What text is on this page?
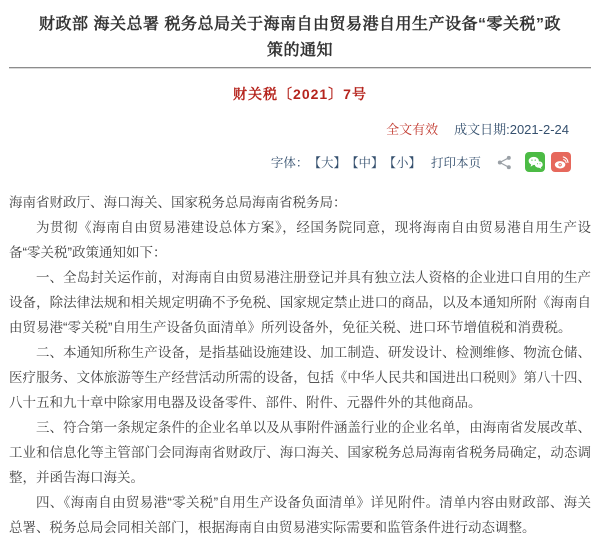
财政部 海关总署 税务总局关于海南自由贸易港自用生产设备“零关税”政策的通知
财关税〔2021〕7号
全文有效 成文日期:2021-2-24
字体： 【大】 【中】 【小】 打印本页

海南省财政厅、海口海关、国家税务总局海南省税务局：

为贯彻《海南自由贸易港建设总体方案》，经国务院同意，现将海南自由贸易港自用生产设备“零关税”政策通知如下：

一、全岛封关运作前，对海南自由贸易港注册登记并具有独立法人资格的企业进口自用的生产设备，除法律法规和相关规定明确不予免税、国家规定禁止进口的商品，以及本通知所附《海南自由贸易港“零关税”自用生产设备负面清单》所列设备外，免征关税、进口环节增值税和消费税。

二、本通知所称生产设备，是指基础设施建设、加工制造、研发设计、检测维修、物流仓储、医疗服务、文体旅游等生产经营活动所需的设备，包括《中华人民共和国进出口税则》第八十四、八十五和九十章中除家用电器及设备零件、部件、附件、元器件外的其他商品。

三、符合第一条规定条件的企业名单以及从事附件涵盖行业的企业名单，由海南省发展改革、工业和信息化等主管部门会同海南省财政厅、海口海关、国家税务总局海南省税务局确定，动态调整，并函告海口海关。

四、《海南自由贸易港“零关税”自用生产设备负面清单》详见附件。清单内容由财政部、海关总署、税务总局会同相关部门，根据海南自由贸易港实际需要和监管条件进行动态调整。
